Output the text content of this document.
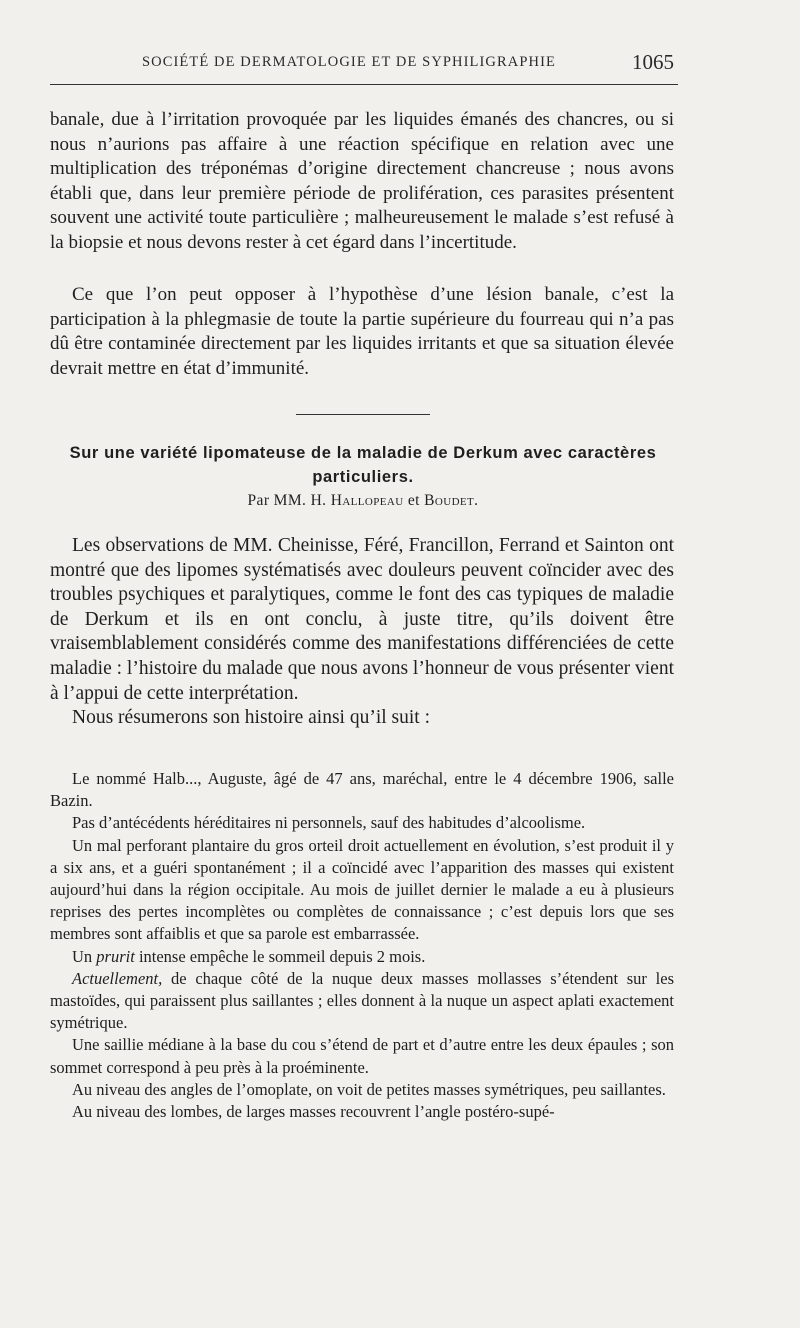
SOCIÉTÉ DE DERMATOLOGIE ET DE SYPHILIGRAPHIE	1065

banale, due à l’irritation provoquée par les liquides émanés des chancres, ou si nous n’aurions pas affaire à une réaction spécifique en relation avec une multiplication des tréponémas d’origine directement chancreuse ; nous avons établi que, dans leur première période de prolifération, ces parasites présentent souvent une activité toute particulière ; malheureusement le malade s’est refusé à la biopsie et nous devons rester à cet égard dans l’incertitude.

Ce que l’on peut opposer à l’hypothèse d’une lésion banale, c’est la participation à la phlegmasie de toute la partie supérieure du fourreau qui n’a pas dû être contaminée directement par les liquides irritants et que sa situation élevée devrait mettre en état d’immunité.

Sur une variété lipomateuse de la maladie de Derkum avec caractères particuliers.
Par MM. H. Hallopeau et Boudet.

Les observations de MM. Cheinisse, Féré, Francillon, Ferrand et Sainton ont montré que des lipomes systématisés avec douleurs peuvent coïncider avec des troubles psychiques et paralytiques, comme le font des cas typiques de maladie de Derkum et ils en ont conclu, à juste titre, qu’ils doivent être vraisemblablement considérés comme des manifestations différenciées de cette maladie : l’histoire du malade que nous avons l’honneur de vous présenter vient à l’appui de cette interprétation.

Nous résumerons son histoire ainsi qu’il suit :

Le nommé Halb..., Auguste, âgé de 47 ans, maréchal, entre le 4 décembre 1906, salle Bazin.

Pas d’antécédents héréditaires ni personnels, sauf des habitudes d’alcoolisme.

Un mal perforant plantaire du gros orteil droit actuellement en évolution, s’est produit il y a six ans, et a guéri spontanément ; il a coïncidé avec l’apparition des masses qui existent aujourd’hui dans la région occipitale. Au mois de juillet dernier le malade a eu à plusieurs reprises des pertes incomplètes ou complètes de connaissance ; c’est depuis lors que ses membres sont affaiblis et que sa parole est embarrassée.

Un prurit intense empêche le sommeil depuis 2 mois.

Actuellement, de chaque côté de la nuque deux masses mollasses s’étendent sur les mastoïdes, qui paraissent plus saillantes ; elles donnent à la nuque un aspect aplati exactement symétrique.

Une saillie médiane à la base du cou s’étend de part et d’autre entre les deux épaules ; son sommet correspond à peu près à la proéminente.

Au niveau des angles de l’omoplate, on voit de petites masses symétriques, peu saillantes.

Au niveau des lombes, de larges masses recouvrent l’angle postéro-supé-
